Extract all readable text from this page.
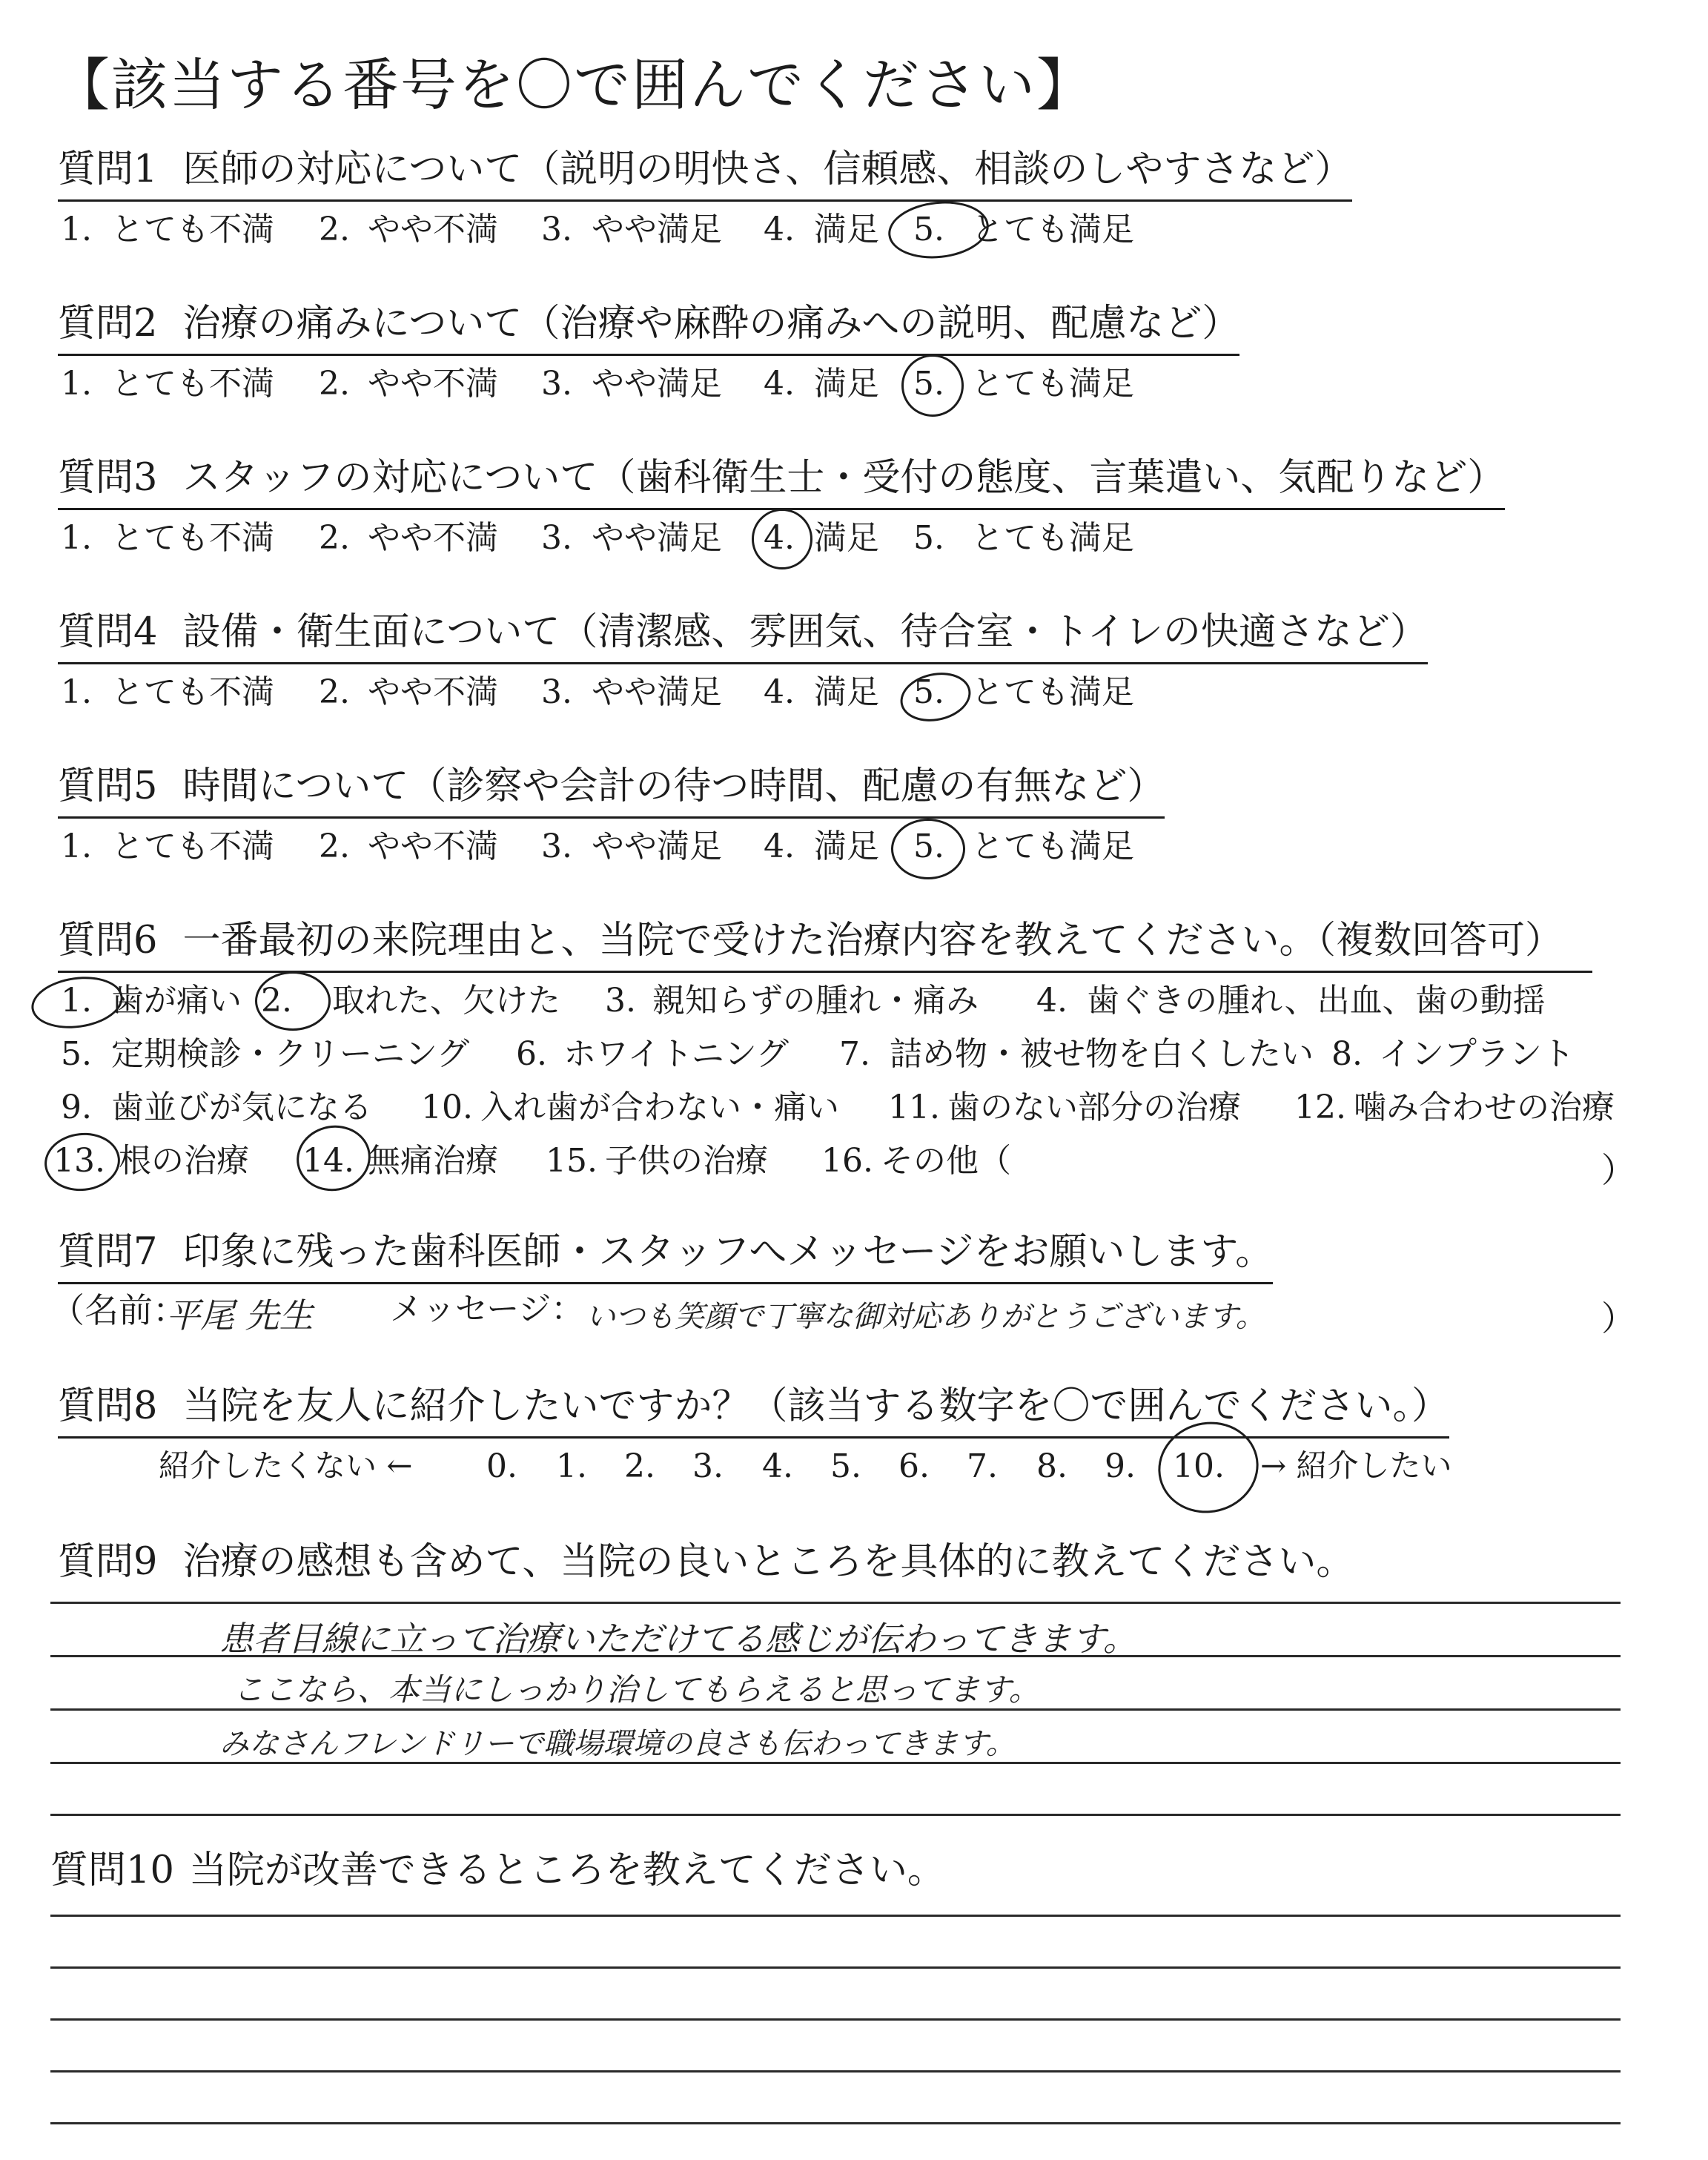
【該当する番号を〇で囲んでください】
質問1 医師の対応について（説明の明快さ、信頼感、相談のしやすさなど）
1. とても不満 2. やや不満 3. やや満足 4. 満足 5. とても満足
質問2 治療の痛みについて（治療や麻酔の痛みへの説明、配慮など）
1. とても不満 2. やや不満 3. やや満足 4. 満足 5. とても満足
質問3 スタッフの対応について（歯科衛生士・受付の態度、言葉遣い、気配りなど）
1. とても不満 2. やや不満 3. やや満足 4. 満足 5. とても満足
質問4 設備・衛生面について（清潔感、雰囲気、待合室・トイレの快適さなど）
1. とても不満 2. やや不満 3. やや満足 4. 満足 5. とても満足
質問5 時間について（診察や会計の待つ時間、配慮の有無など）
1. とても不満 2. やや不満 3. やや満足 4. 満足 5. とても満足
質問6 一番最初の来院理由と、当院で受けた治療内容を教えてください。（複数回答可）
1. 歯が痛い 2. 取れた、欠けた 3. 親知らずの腫れ・痛み 4. 歯ぐきの腫れ、出血、歯の動揺
5. 定期検診・クリーニング 6. ホワイトニング 7. 詰め物・被せ物を白くしたい 8. インプラント
9. 歯並びが気になる 10. 入れ歯が合わない・痛い 11. 歯のない部分の治療 12. 噛み合わせの治療
13. 根の治療 14. 無痛治療 15. 子供の治療 16. その他（	）
質問7 印象に残った歯科医師・スタッフへメッセージをお願いします。
（名前：
平尾 先生 メッセージ： いつも笑顔で丁寧な御対応ありがとうございます。	）
質問8 当院を友人に紹介したいですか？（該当する数字を〇で囲んでください。）
紹介したくない ← 0. 1. 2. 3. 4. 5. 6. 7. 8. 9. 10. → 紹介したい
質問9 治療の感想も含めて、当院の良いところを具体的に教えてください。
患者目線に立って治療いただけてる感じが伝わってきます。
ここなら、本当にしっかり治してもらえると思ってます。
みなさんフレンドリーで職場環境の良さも伝わってきます。
質問10 当院が改善できるところを教えてください。
